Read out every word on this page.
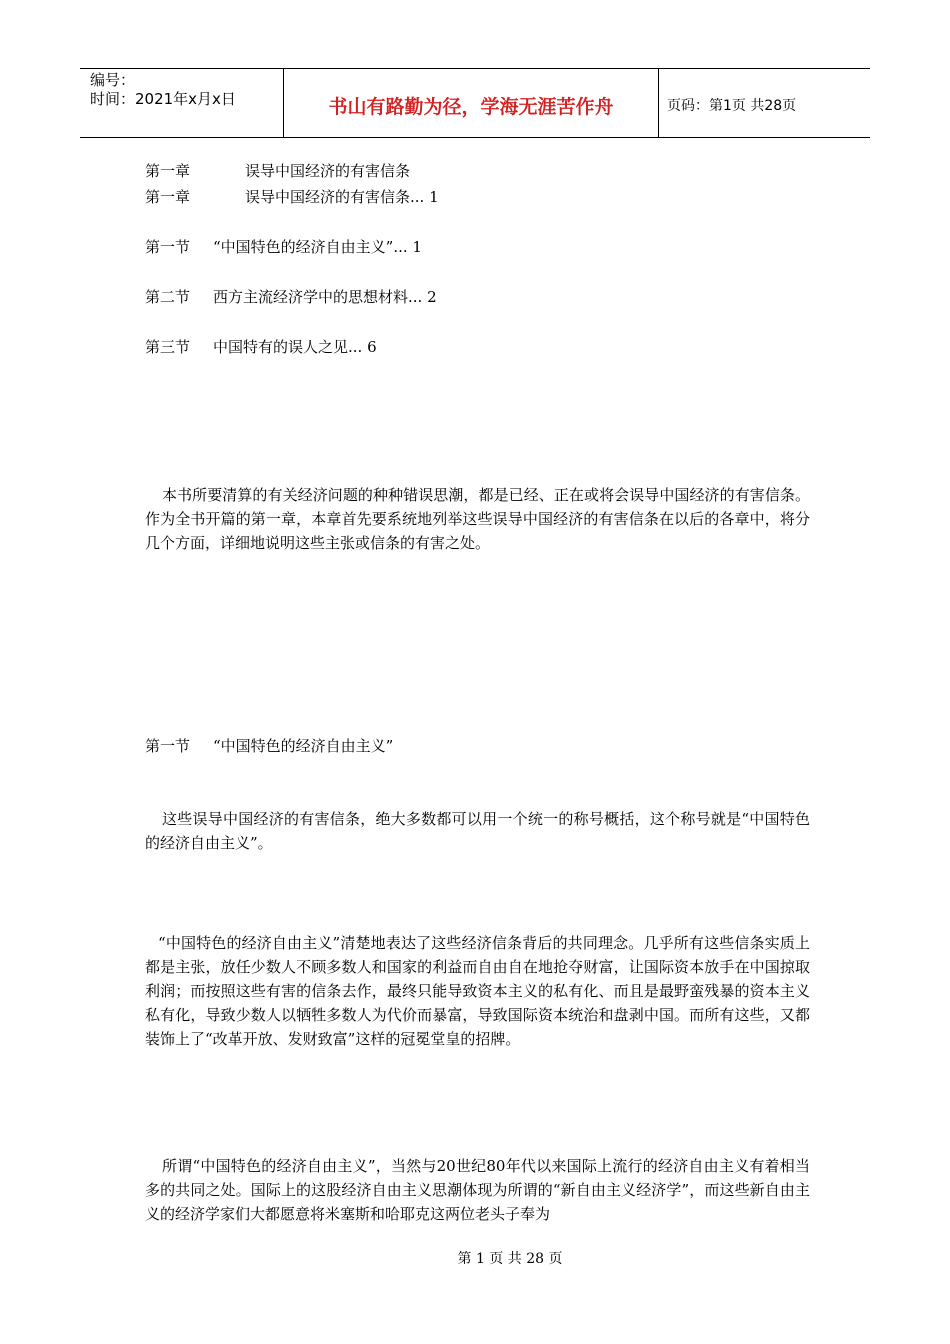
编号：
时间：2021年x月x日	书山有路勤为径，学海无涯苦作舟	页码：第1页 共28页
第一章	误导中国经济的有害信条
第一章	误导中国经济的有害信条... 1
第一节 “中国特色的经济自由主义”... 1
第二节 西方主流经济学中的思想材料... 2
第三节 中国特有的误人之见... 6
本书所要清算的有关经济问题的种种错误思潮，都是已经、正在或将会误导中国经济的有害信条。作为全书开篇的第一章，本章首先要系统地列举这些误导中国经济的有害信条在以后的各章中，将分几个方面，详细地说明这些主张或信条的有害之处。
第一节 “中国特色的经济自由主义”
这些误导中国经济的有害信条，绝大多数都可以用一个统一的称号概括，这个称号就是“中国特色的经济自由主义”。
“中国特色的经济自由主义”清楚地表达了这些经济信条背后的共同理念。几乎所有这些信条实质上都是主张，放任少数人不顾多数人和国家的利益而自由自在地抢夺财富，让国际资本放手在中国掠取利润；而按照这些有害的信条去作，最终只能导致资本主义的私有化、而且是最野蛮残暴的资本主义私有化，导致少数人以牺牲多数人为代价而暴富，导致国际资本统治和盘剥中国。而所有这些，又都装饰上了“改革开放、发财致富”这样的冠冕堂皇的招牌。
所谓“中国特色的经济自由主义”，当然与20世纪80年代以来国际上流行的经济自由主义有着相当多的共同之处。国际上的这股经济自由主义思潮体现为所谓的“新自由主义经济学”，而这些新自由主义的经济学家们大都愿意将米塞斯和哈耶克这两位老头子奉为
第 1 页 共 28 页
